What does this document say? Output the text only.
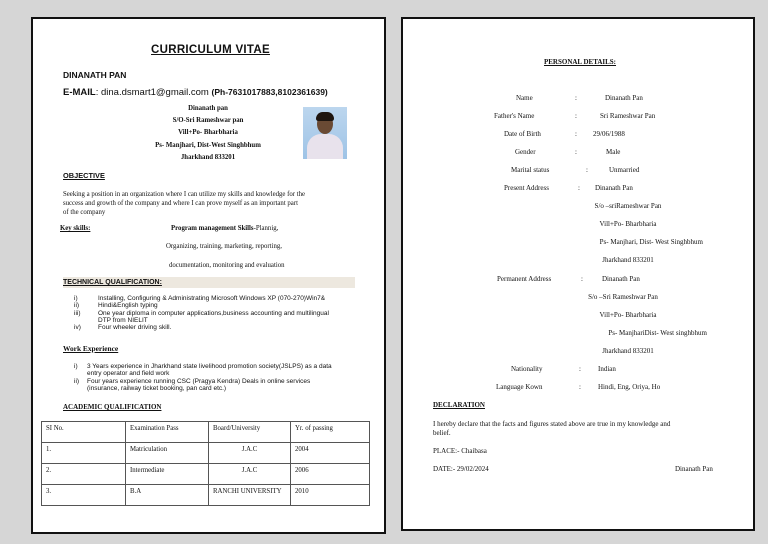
CURRICULUM VITAE
DINANATH PAN
E-MAIL: dina.dsmart1@gmail.com (Ph-7631017883,8102361639)
Dinanath pan
S/O-Sri Rameshwar pan
Vill+Po- Bharbharia
Ps- Manjhari, Dist-West Singhbhum
Jharkhand 833201
OBJECTIVE
Seeking a position in an organization where I can utilize my skills and knowledge for the
success and growth of the company and where I can prove myself as an important part
of the company
Key skills:	Program management Skills-Plannig,
Organizing, training, marketing, reporting,
documentation, monitoring and evaluation
TECHNICAL QUALIFICATION:
i)	Installing, Configuring & Administrating Microsoft Windows XP (070-270)Win7&
ii)	Hindi&English typing
iii)	One year diploma in computer applications,business accounting and multilingual
DTP from NIELIT
iv)	Four wheeler driving skill.
Work Experience
i)	3 Years experience in Jharkhand state livelihood promotion society(JSLPS) as a data
entry operator and field work
ii)	Four years experience running CSC (Pragya Kendra) Deals in online services
(insurance, railway ticket booking, pan card etc.)
ACADEMIC QUALIFICATION
SI No.	Examination Pass	Board/University	Yr. of passing
1.	Matriculation	J.A.C	2004
2.	Intermediate	J.A.C	2006
3.	B.A	RANCHI UNIVERSITY	2010
PERSONAL DETAILS:
Name	:	Dinanath Pan
Father's Name	:	Sri Rameshwar Pan
Date of Birth	: 29/06/1988
Gender	:	Male
Marital status	:	Unmarried
Present Address	: Dinanath Pan
S/o –sriRameshwar Pan
Vill+Po- Bharbharia
Ps- Manjhari, Dist- West Singhbhum
Jharkhand 833201
Permanent Address	:	Dinanath Pan
S/o –Sri Rameshwar Pan
Vill+Po- Bharbharia
Ps- ManjhariDist- West singhbhum
Jharkhand 833201
Nationality	: Indian
Language Kown	: Hindi, Eng, Oriya, Ho
DECLARATION
I hereby declare that the facts and figures stated above are true in my knowledge and
belief.
PLACE:- Chaibasa
DATE:- 29/02/2024	Dinanath Pan
